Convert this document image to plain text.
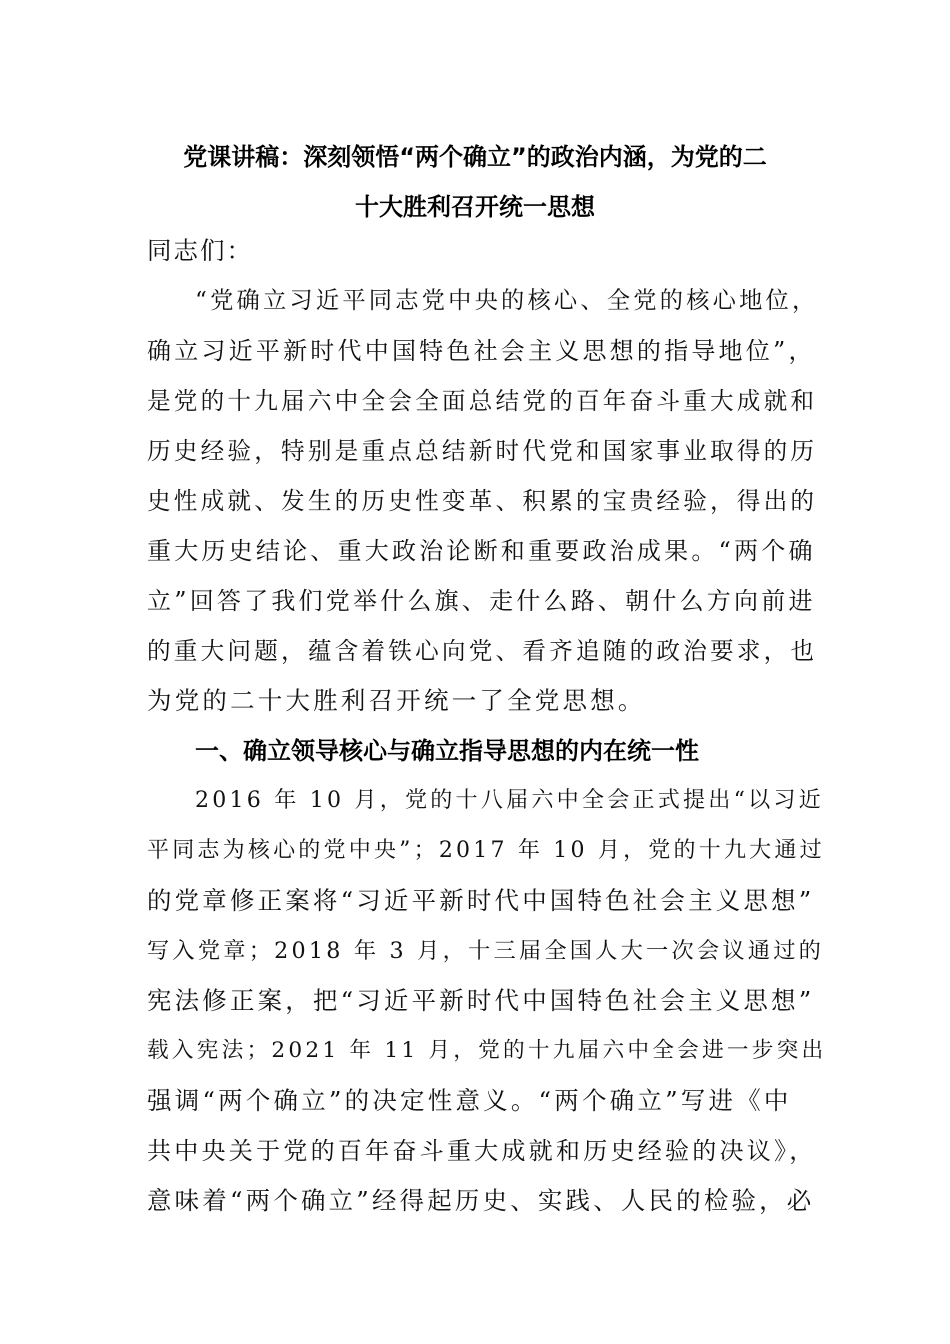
党课讲稿：深刻领悟“两个确立”的政治内涵，为党的二
十大胜利召开统一思想
同志们：
“党确立习近平同志党中央的核心、全党的核心地位，
确立习近平新时代中国特色社会主义思想的指导地位”，
是党的十九届六中全会全面总结党的百年奋斗重大成就和
历史经验，特别是重点总结新时代党和国家事业取得的历
史性成就、发生的历史性变革、积累的宝贵经验，得出的
重大历史结论、重大政治论断和重要政治成果。“两个确
立”回答了我们党举什么旗、走什么路、朝什么方向前进
的重大问题，蕴含着铁心向党、看齐追随的政治要求，也
为党的二十大胜利召开统一了全党思想。
一、确立领导核心与确立指导思想的内在统一性
2016 年 10 月，党的十八届六中全会正式提出“以习近
平同志为核心的党中央”；2017 年 10 月，党的十九大通过
的党章修正案将“习近平新时代中国特色社会主义思想”
写入党章；2018 年 3 月，十三届全国人大一次会议通过的
宪法修正案，把“习近平新时代中国特色社会主义思想”
载入宪法；2021 年 11 月，党的十九届六中全会进一步突出
强调“两个确立”的决定性意义。“两个确立”写进《中
共中央关于党的百年奋斗重大成就和历史经验的决议》，
意味着“两个确立”经得起历史、实践、人民的检验，必
